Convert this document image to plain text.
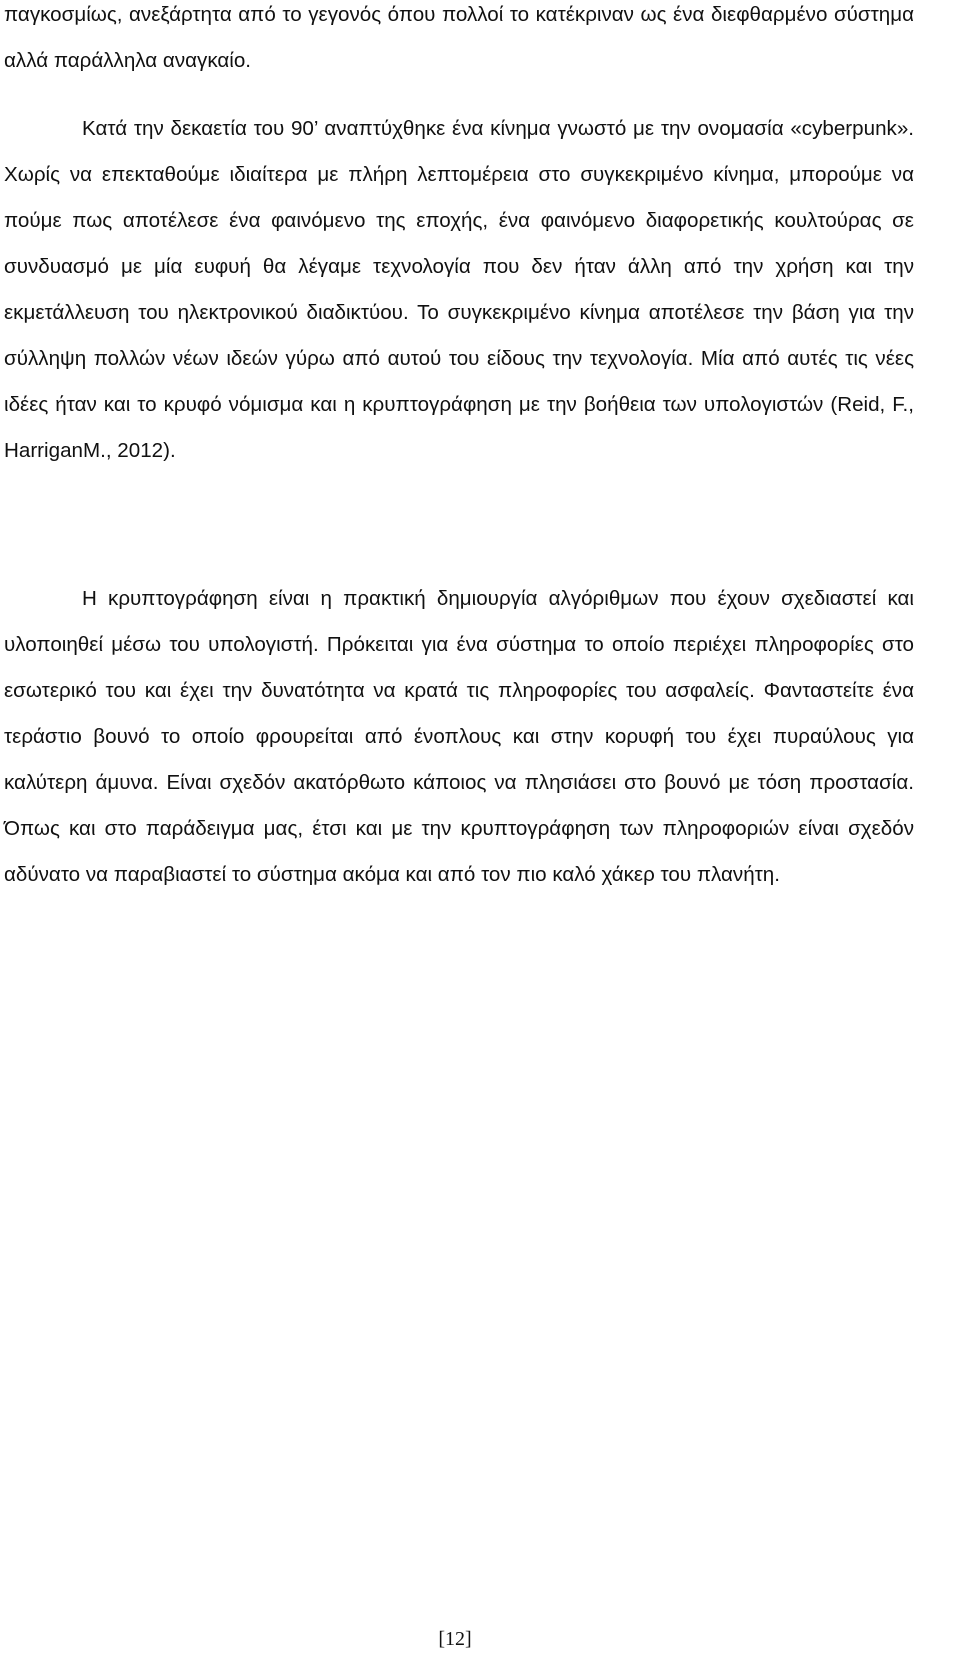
παγκοσμίως, ανεξάρτητα από το γεγονός όπου πολλοί το κατέκριναν ως ένα διεφθαρμένο σύστημα αλλά παράλληλα αναγκαίο.

Κατά την δεκαετία του 90’ αναπτύχθηκε ένα κίνημα γνωστό με την ονομασία «cyberpunk». Χωρίς να επεκταθούμε ιδιαίτερα με πλήρη λεπτομέρεια στο συγκεκριμένο κίνημα, μπορούμε να πούμε πως αποτέλεσε ένα φαινόμενο της εποχής, ένα φαινόμενο διαφορετικής κουλτούρας σε συνδυασμό με μία ευφυή θα λέγαμε τεχνολογία που δεν ήταν άλλη από την χρήση και την εκμετάλλευση του ηλεκτρονικού διαδικτύου. Το συγκεκριμένο κίνημα αποτέλεσε την βάση για την σύλληψη πολλών νέων ιδεών γύρω από αυτού του είδους την τεχνολογία. Μία από αυτές τις νέες ιδέες ήταν και το κρυφό νόμισμα και η κρυπτογράφηση με την βοήθεια των υπολογιστών (Reid, F., HarriganM., 2012).

Η κρυπτογράφηση είναι η πρακτική δημιουργία αλγόριθμων που έχουν σχεδιαστεί και υλοποιηθεί μέσω του υπολογιστή. Πρόκειται για ένα σύστημα το οποίο περιέχει πληροφορίες στο εσωτερικό του και έχει την δυνατότητα να κρατά τις πληροφορίες του ασφαλείς. Φανταστείτε ένα τεράστιο βουνό το οποίο φρουρείται από ένοπλους και στην κορυφή του έχει πυραύλους για καλύτερη άμυνα. Είναι σχεδόν ακατόρθωτο κάποιος να πλησιάσει στο βουνό με τόση προστασία. Όπως και στο παράδειγμα μας, έτσι και με την κρυπτογράφηση των πληροφοριών είναι σχεδόν αδύνατο να παραβιαστεί το σύστημα ακόμα και από τον πιο καλό χάκερ του πλανήτη.

[12]
